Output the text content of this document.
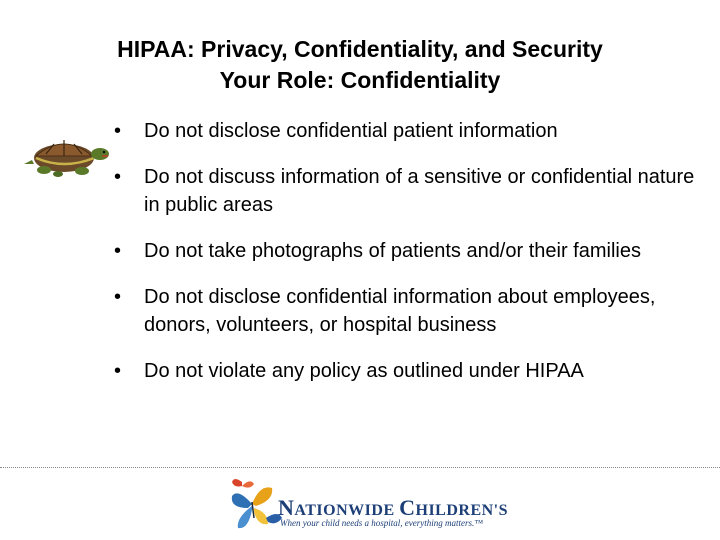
HIPAA: Privacy, Confidentiality, and Security
Your Role: Confidentiality
• Do not disclose confidential patient information
• Do not discuss information of a sensitive or confidential nature in public areas
• Do not take photographs of patients and/or their families
• Do not disclose confidential information about employees, donors, volunteers, or hospital business
• Do not violate any policy as outlined under HIPAA
NATIONWIDE CHILDREN'S
When your child needs a hospital, everything matters.™
